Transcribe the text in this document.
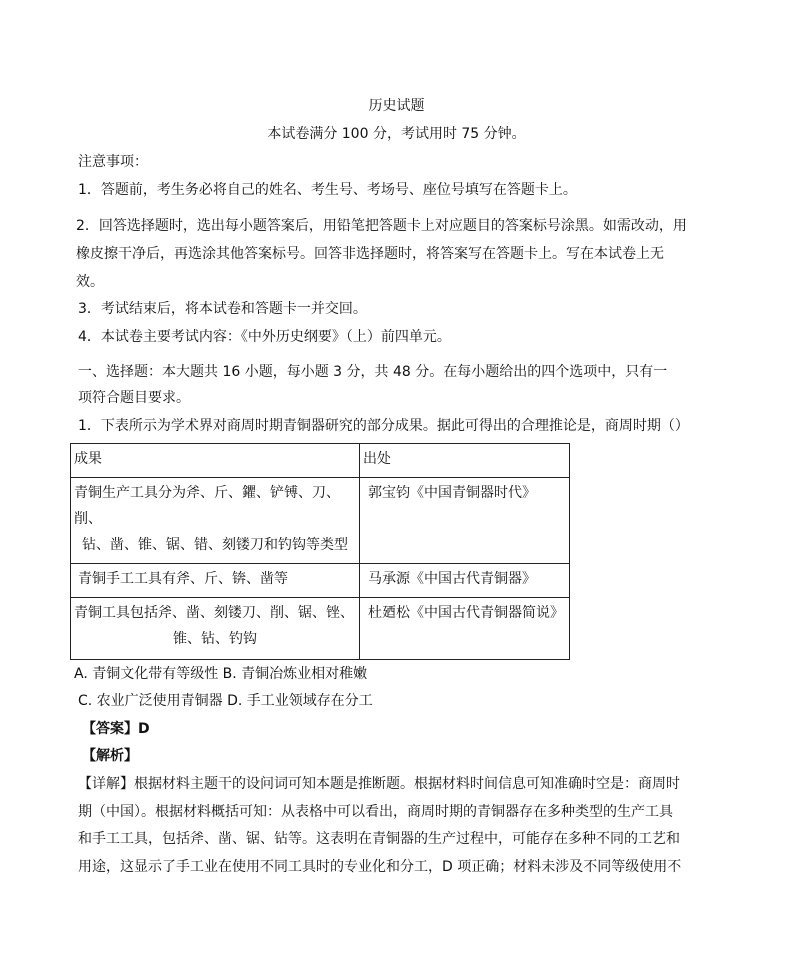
历史试题
本试卷满分 100 分，考试用时 75 分钟。
注意事项：
1．答题前，考生务必将自己的姓名、考生号、考场号、座位号填写在答题卡上。
2．回答选择题时，选出每小题答案后，用铅笔把答题卡上对应题目的答案标号涂黑。如需改动，用橡皮擦干净后，再选涂其他答案标号。回答非选择题时，将答案写在答题卡上。写在本试卷上无效。
3．考试结束后，将本试卷和答题卡一并交回。
4．本试卷主要考试内容：《中外历史纲要》（上）前四单元。
一、选择题：本大题共 16 小题，每小题 3 分，共 48 分。在每小题给出的四个选项中，只有一
项符合题目要求。
1．下表所示为学术界对商周时期青铜器研究的部分成果。据此可得出的合理推论是，商周时期（）
成果	出处

青铜生产工具分为斧、斤、鑺、铲镈、刀、削、
钻、凿、锥、锯、错、刻镂刀和钓钩等类型	郭宝钧《中国青铜器时代》

青铜手工工具有斧、斤、锛、凿等	马承源《中国古代青铜器》

青铜工具包括斧、凿、刻镂刀、削、锯、锉、
锥、钻、钓钩	杜廼松《中国古代青铜器简说》
A. 青铜文化带有等级性 B. 青铜冶炼业相对稚嫩
C. 农业广泛使用青铜器 D. 手工业领域存在分工
【答案】D
【解析】
【详解】根据材料主题干的设问词可知本题是推断题。根据材料时间信息可知准确时空是：商周时
期（中国）。根据材料概括可知：从表格中可以看出，商周时期的青铜器存在多种类型的生产工具
和手工工具，包括斧、凿、锯、钻等。这表明在青铜器的生产过程中，可能存在多种不同的工艺和
用途，这显示了手工业在使用不同工具时的专业化和分工，D 项正确；材料未涉及不同等级使用不
